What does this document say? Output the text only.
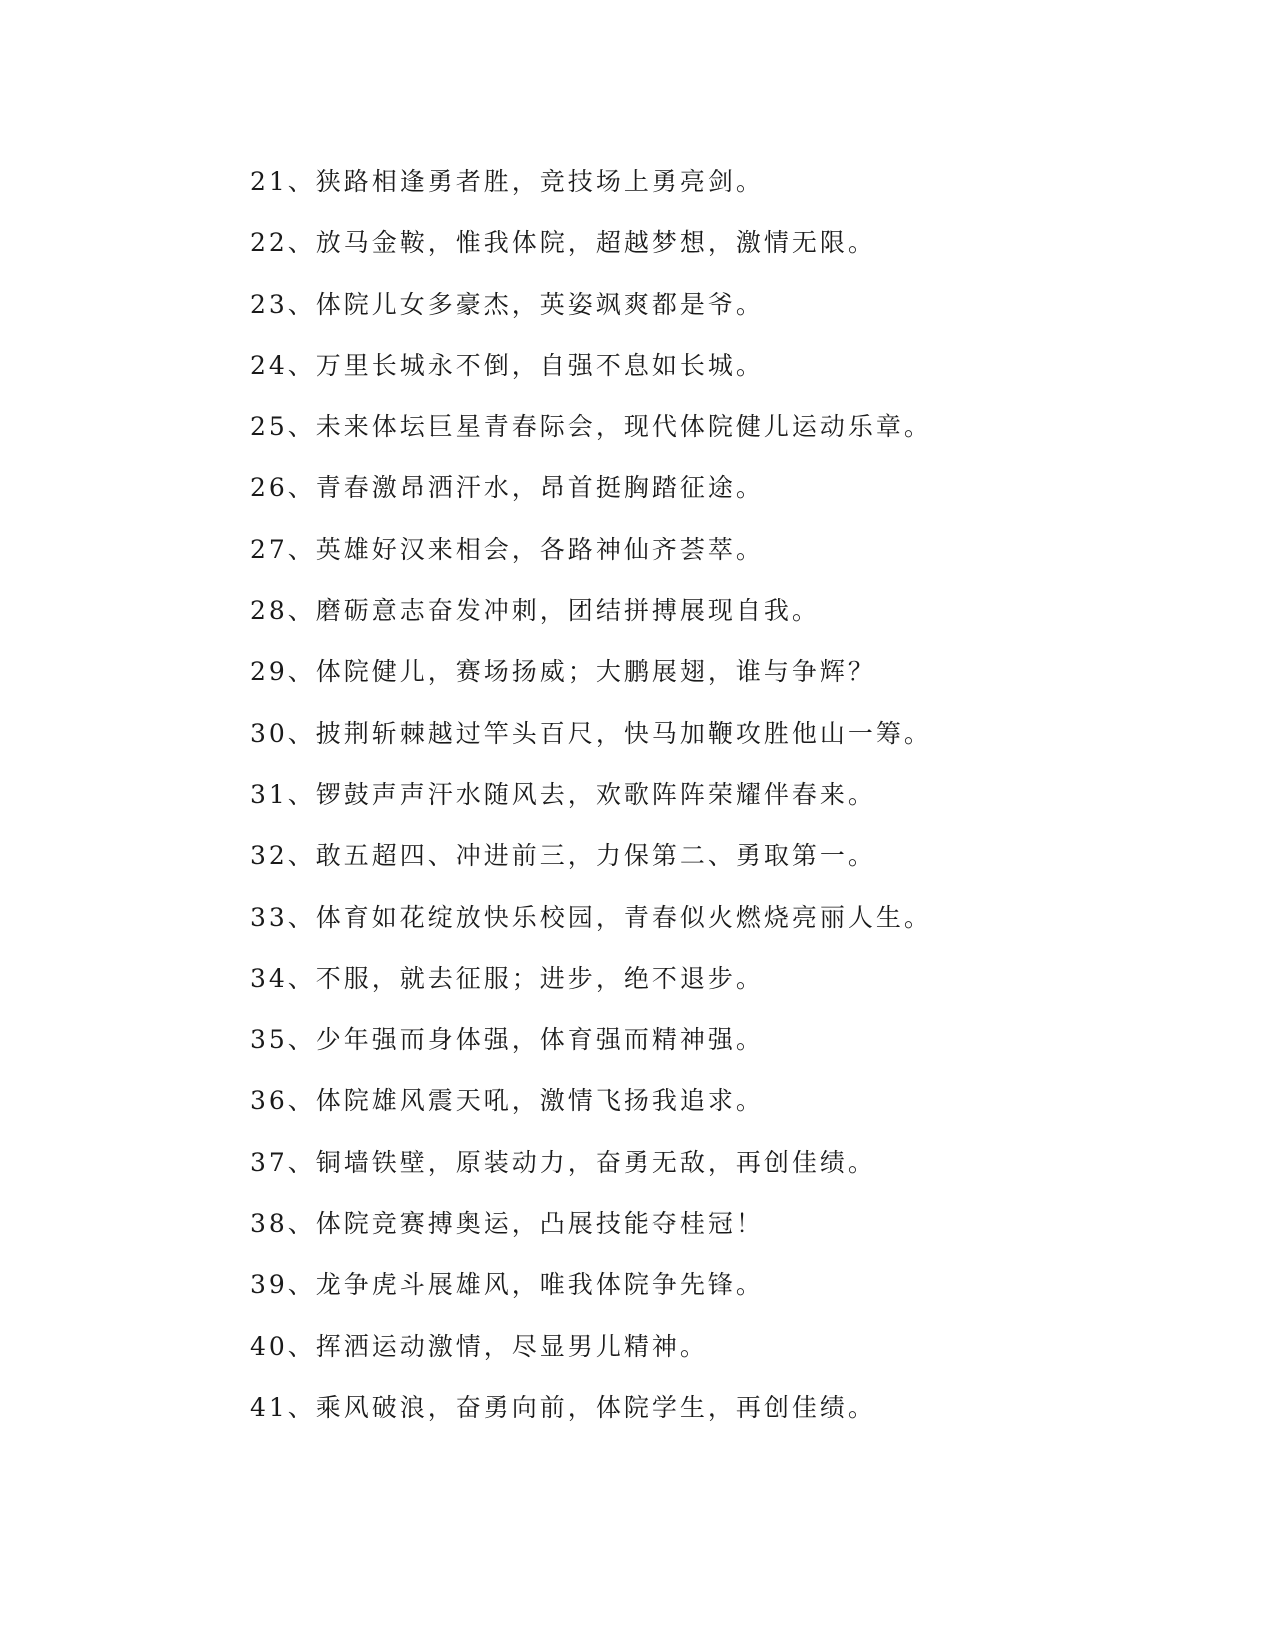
21、狭路相逢勇者胜，竞技场上勇亮剑。
22、放马金鞍，惟我体院，超越梦想，激情无限。
23、体院儿女多豪杰，英姿飒爽都是爷。
24、万里长城永不倒，自强不息如长城。
25、未来体坛巨星青春际会，现代体院健儿运动乐章。
26、青春激昂洒汗水，昂首挺胸踏征途。
27、英雄好汉来相会，各路神仙齐荟萃。
28、磨砺意志奋发冲刺，团结拼搏展现自我。
29、体院健儿，赛场扬威；大鹏展翅，谁与争辉？
30、披荆斩棘越过竿头百尺，快马加鞭攻胜他山一筹。
31、锣鼓声声汗水随风去，欢歌阵阵荣耀伴春来。
32、敢五超四、冲进前三，力保第二、勇取第一。
33、体育如花绽放快乐校园，青春似火燃烧亮丽人生。
34、不服，就去征服；进步，绝不退步。
35、少年强而身体强，体育强而精神强。
36、体院雄风震天吼，激情飞扬我追求。
37、铜墙铁壁，原装动力，奋勇无敌，再创佳绩。
38、体院竞赛搏奥运，凸展技能夺桂冠！
39、龙争虎斗展雄风，唯我体院争先锋。
40、挥洒运动激情，尽显男儿精神。
41、乘风破浪，奋勇向前，体院学生，再创佳绩。
